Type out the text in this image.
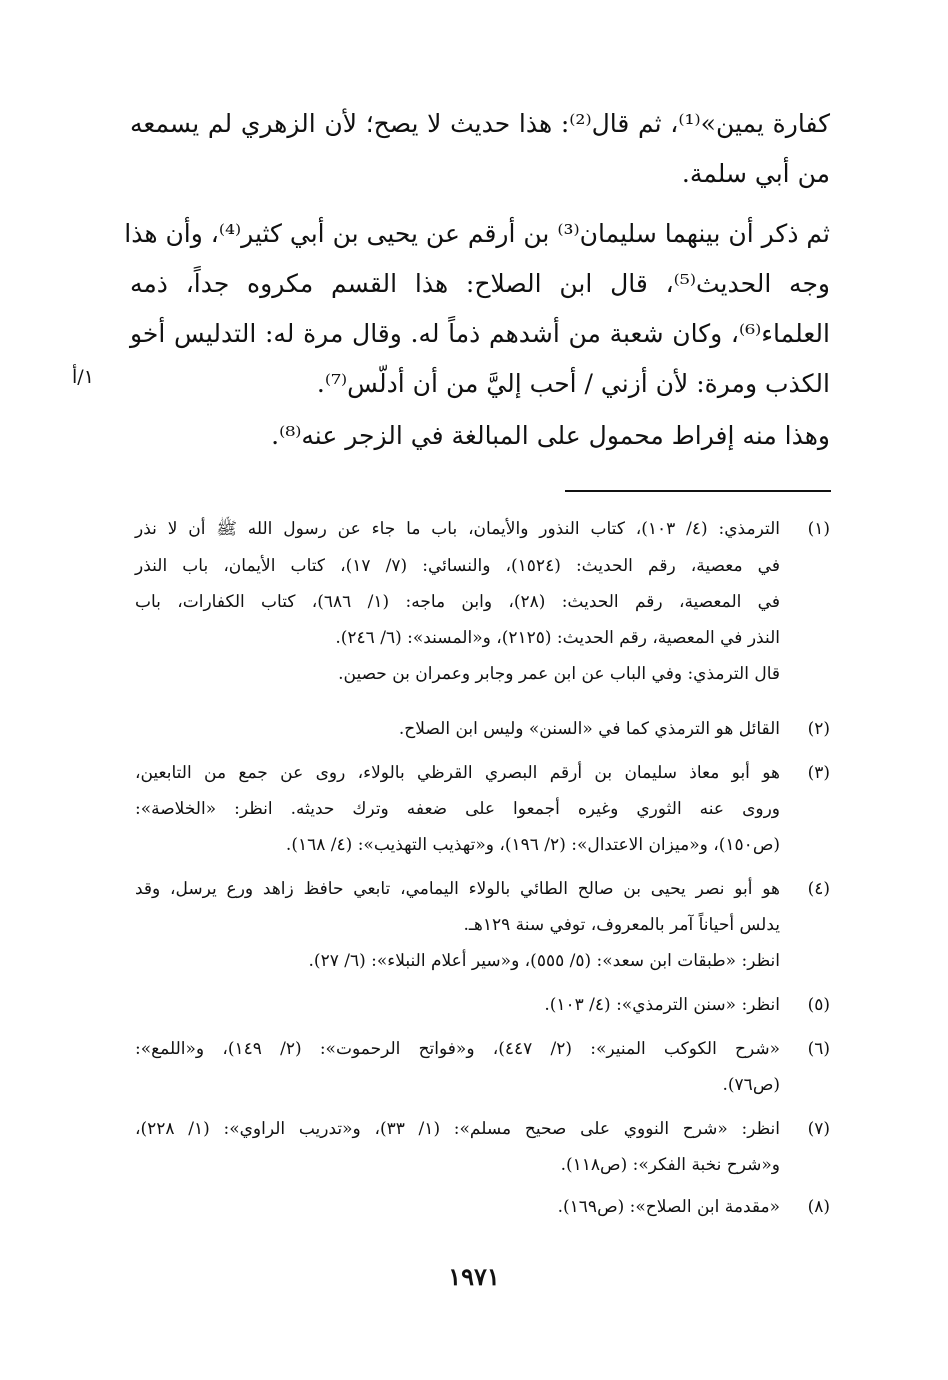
كفارة يمين»⁽¹⁾، ثم قال⁽²⁾: هذا حديث لا يصح؛ لأن الزهري لم يسمعه
من أبي سلمة.
ثم ذكر أن بينهما سليمان⁽³⁾ بن أرقم عن يحيى بن أبي كثير⁽⁴⁾، وأن هذا
وجه الحديث⁽⁵⁾، قال ابن الصلاح: هذا القسم مكروه جداً، ذمه
العلماء⁽⁶⁾، وكان شعبة من أشدهم ذماً له. وقال مرة له: التدليس أخو
الكذب ومرة: لأن أزني / أحب إليَّ من أن أدلّس⁽⁷⁾.
وهذا منه إفراط محمول على المبالغة في الزجر عنه⁽⁸⁾.
١/أ
(١)
الترمذي: (٤/ ١٠٣)، كتاب النذور والأيمان، باب ما جاء عن رسول الله ﷺ أن لا نذر
في معصية، رقم الحديث: (١٥٢٤)، والنسائي: (٧/ ١٧)، كتاب الأيمان، باب النذر
في المعصية، رقم الحديث: (٢٨)، وابن ماجه: (١/ ٦٨٦)، كتاب الكفارات، باب
النذر في المعصية، رقم الحديث: (٢١٢٥)، و«المسند»: (٦/ ٢٤٦).
قال الترمذي: وفي الباب عن ابن عمر وجابر وعمران بن حصين.
(٢)
القائل هو الترمذي كما في «السنن» وليس ابن الصلاح.
(٣)
هو أبو معاذ سليمان بن أرقم البصري القرظي بالولاء، روى عن جمع من التابعين،
وروى عنه الثوري وغيره أجمعوا على ضعفه وترك حديثه. انظر: «الخلاصة»:
(ص١٥٠)، و«ميزان الاعتدال»: (٢/ ١٩٦)، و«تهذيب التهذيب»: (٤/ ١٦٨).
(٤)
هو أبو نصر يحيى بن صالح الطائي بالولاء اليمامي، تابعي حافظ زاهد ورع يرسل، وقد
يدلس أحياناً آمر بالمعروف، توفي سنة ١٢٩هـ.
انظر: «طبقات ابن سعد»: (٥/ ٥٥٥)، و«سير أعلام النبلاء»: (٦/ ٢٧).
(٥)
انظر: «سنن الترمذي»: (٤/ ١٠٣).
(٦)
«شرح الكوكب المنير»: (٢/ ٤٤٧)، و«فواتح الرحموت»: (٢/ ١٤٩)، و«اللمع»:
(ص٧٦).
(٧)
انظر: «شرح النووي على صحيح مسلم»: (١/ ٣٣)، و«تدريب الراوي»: (١/ ٢٢٨)،
و«شرح نخبة الفكر»: (ص١١٨).
(٨)
«مقدمة ابن الصلاح»: (ص١٦٩).
١٩٧١
